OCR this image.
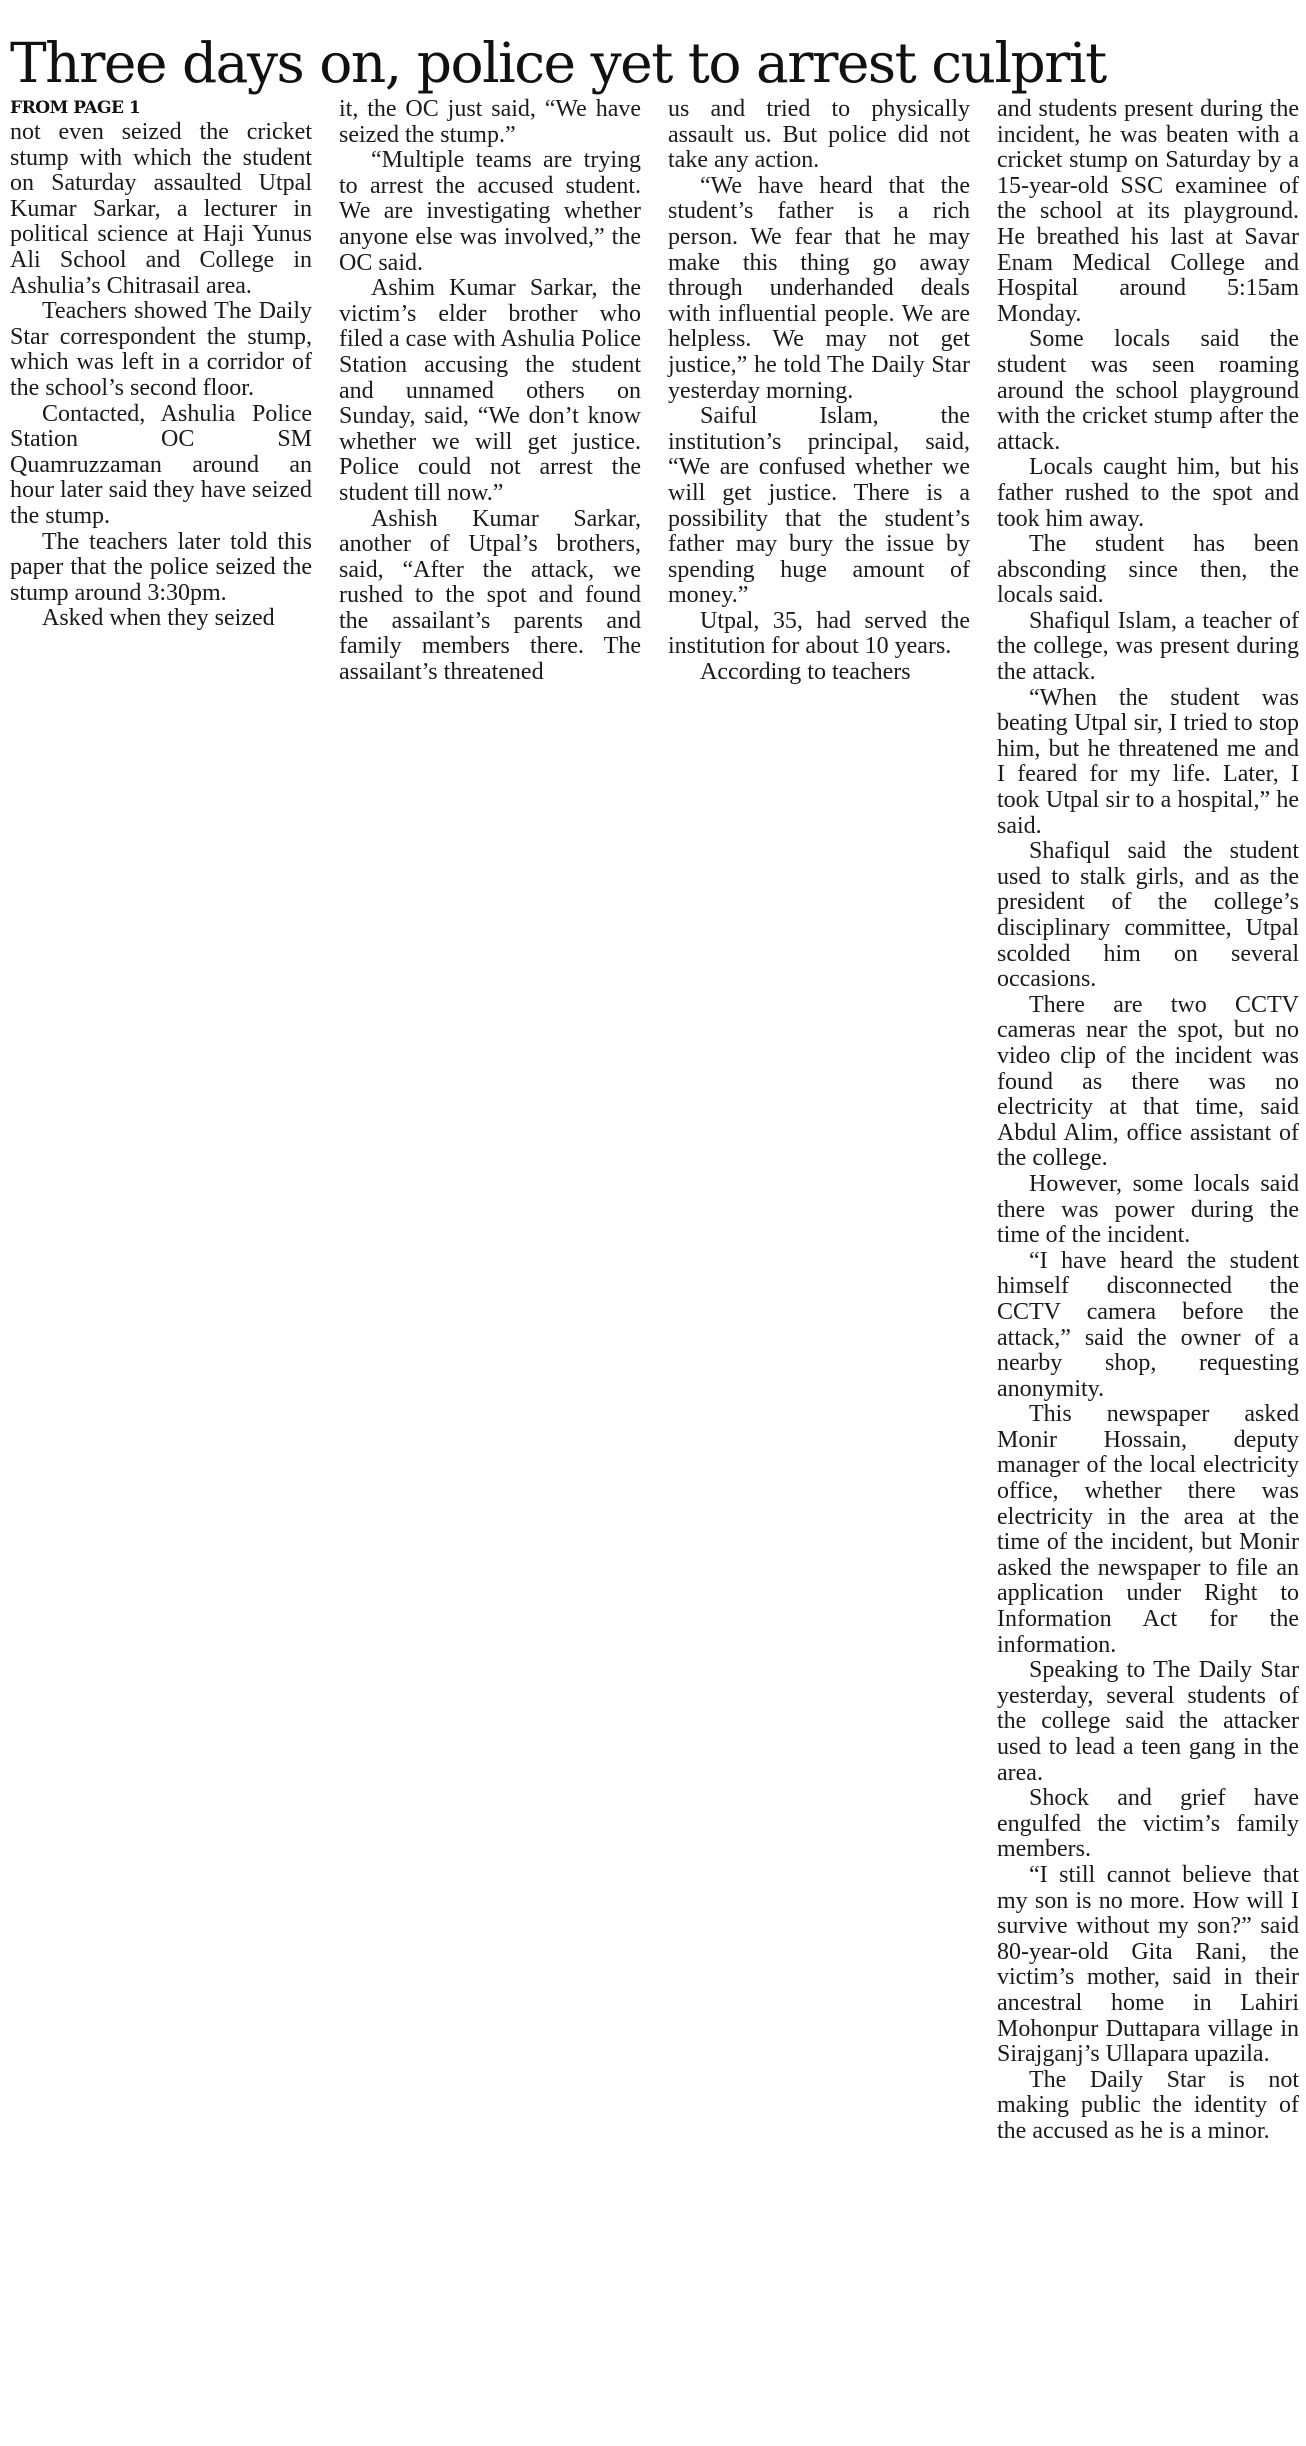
Three days on, police yet to arrest culprit
FROM PAGE 1

not even seized the cricket stump with which the student on Saturday assaulted Utpal Kumar Sarkar, a lecturer in political science at Haji Yunus Ali School and College in Ashulia’s Chitrasail area.

Teachers showed The Daily Star correspondent the stump, which was left in a corridor of the school’s second floor.

Contacted, Ashulia Police Station OC SM Quamruzzaman around an hour later said they have seized the stump.

The teachers later told this paper that the police seized the stump around 3:30pm.

Asked when they seized

it, the OC just said, “We have seized the stump.”

“Multiple teams are trying to arrest the accused student. We are investigating whether anyone else was involved,” the OC said.

Ashim Kumar Sarkar, the victim’s elder brother who filed a case with Ashulia Police Station accusing the student and unnamed others on Sunday, said, “We don’t know whether we will get justice. Police could not arrest the student till now.”

Ashish Kumar Sarkar, another of Utpal’s brothers, said, “After the attack, we rushed to the spot and found the assailant’s parents and family members there. The assailant’s threatened

us and tried to physically assault us. But police did not take any action.

“We have heard that the student’s father is a rich person. We fear that he may make this thing go away through underhanded deals with influential people. We are helpless. We may not get justice,” he told The Daily Star yesterday morning.

Saiful Islam, the institution’s principal, said, “We are confused whether we will get justice. There is a possibility that the student’s father may bury the issue by spending huge amount of money.”

Utpal, 35, had served the institution for about 10 years.

According to teachers

and students present during the incident, he was beaten with a cricket stump on Saturday by a 15-year-old SSC examinee of the school at its playground. He breathed his last at Savar Enam Medical College and Hospital around 5:15am Monday.

Some locals said the student was seen roaming around the school playground with the cricket stump after the attack.

Locals caught him, but his father rushed to the spot and took him away.

The student has been absconding since then, the locals said.

Shafiqul Islam, a teacher of the college, was present during the attack.

“When the student was beating Utpal sir, I tried to stop him, but he threatened me and I feared for my life. Later, I took Utpal sir to a hospital,” he said.

Shafiqul said the student used to stalk girls, and as the president of the college’s disciplinary committee, Utpal scolded him on several occasions.

There are two CCTV cameras near the spot, but no video clip of the incident was found as there was no electricity at that time, said Abdul Alim, office assistant of the college.

However, some locals said there was power during the time of the incident.

“I have heard the student himself disconnected the CCTV camera before the attack,” said the owner of a nearby shop, requesting anonymity.

This newspaper asked Monir Hossain, deputy manager of the local electricity office, whether there was electricity in the area at the time of the incident, but Monir asked the newspaper to file an application under Right to Information Act for the information.

Speaking to The Daily Star yesterday, several students of the college said the attacker used to lead a teen gang in the area.

Shock and grief have engulfed the victim’s family members.

“I still cannot believe that my son is no more. How will I survive without my son?” said 80-year-old Gita Rani, the victim’s mother, said in their ancestral home in Lahiri Mohonpur Duttapara village in Sirajganj’s Ullapara upazila.

The Daily Star is not making public the identity of the accused as he is a minor.
